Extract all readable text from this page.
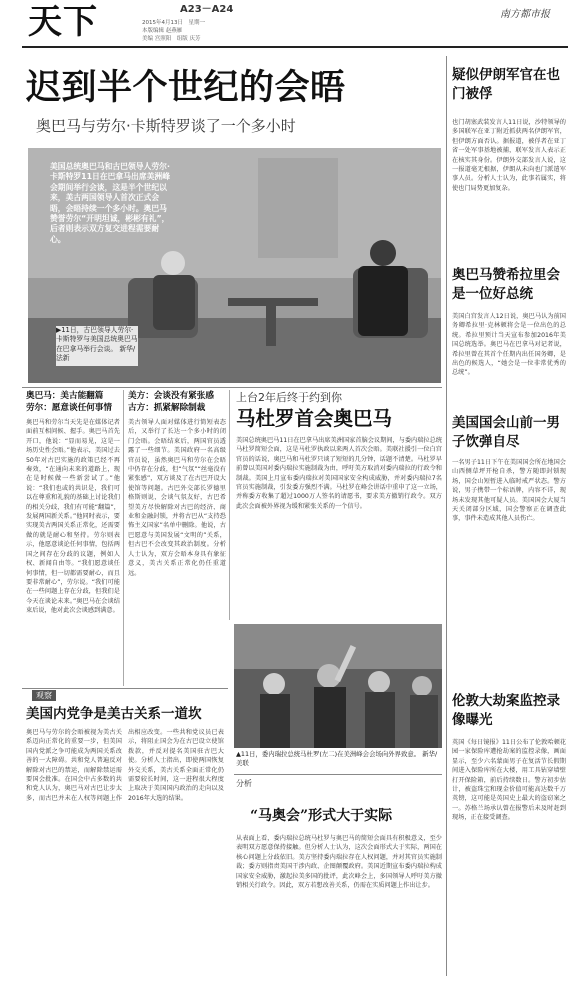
天下	A23－A24
2015年4月13日　星期一
本版编辑 赵燕雁
美编 宫照阳　组版 庆芳
南方都市报
迟到半个世纪的会晤
奥巴马与劳尔·卡斯特罗谈了一个多小时
美国总统奥巴马和古巴领导人劳尔·卡斯特罗11日在巴拿马出席美洲峰会期间举行会谈，这是半个世纪以来，美古两国领导人首次正式会晤，会晤持续一个多小时。奥巴马赞誉劳尔“开明坦诚，彬彬有礼”，后者则表示双方复交进程需要耐心。
▶11日，古巴领导人劳尔·卡斯特罗与美国总统奥巴马在巴拿马举行会谈。 新华/法新
疑似伊朗军官在也门被俘
也门胡塞武装发言人11日说，沙特领导的多国联军在亚丁附近抓获两名伊朗军官，但伊朗方面否认。据报道，被俘者在亚丁省一处军事基地被捕，联军发言人表示正在核实其身份。伊朗外交部发言人说，这一报道毫无根据，伊朗从未向也门派遣军事人员。分析人士认为，此事若属实，将使也门局势更加复杂。
奥巴马赞希拉里会是一位好总统
美国白宫发言人12日说，奥巴马认为前国务卿希拉里·克林顿将会是一位出色的总统。希拉里预计当天宣布参加2016年美国总统选举。奥巴马在巴拿马对记者说，希拉里曾在其首个任期内出任国务卿，是出色的候选人，“她会是一位非常优秀的总统”。
美国国会山前一男子饮弹自尽
一名男子11日下午在美国国会所在地国会山西侧草坪开枪自杀，警方随即封锁现场，国会山短暂进入临时戒严状态。警方说，男子携带一个标语牌，内容不详，现场未发现其他可疑人员。美国国会大厦当天关闭部分区域，国会警察正在调查此事，事件未造成其他人员伤亡。
伦敦大劫案监控录像曝光
英国《每日镜报》11日公布了伦敦哈顿花园一家保险库遭抢劫案的监控录像，画面显示，至少六名蒙面男子在复活节长假期间进入保险库所在大楼，用工具钻穿墙壁打开保险箱，前后持续数日。警方初步估计，被盗珠宝和现金价值可能高达数千万英镑，这可能是英国史上最大的盗窃案之一。苏格兰场承认曾在报警后未及时赶到现场，正在接受调查。
奥巴马：美古能翻篇
劳尔：愿意谈任何事情
奥巴马和劳尔当天先是在媒体记者面前互相问候、握手。奥巴马首先开口，他说：“显而易见，这是一场历史性会晤。”他表示，美国过去50年对古巴实施的政策已经不再奏效，“在通向未来的道路上，现在是时候做一些新尝试了。”他说：“我们也或的共识是，我们可以在尊重和礼貌的基础上讨论我们的相关分歧，我们有可能“翻篇”，发展两国新关系。”他同时表示，要实现美古两国关系正常化，还需要做的就是耐心和坚持。劳尔则表示，他愿意谈论任何事情，包括两国之间存在分歧的议题，例如人权、新闻自由等。“我们愿意谈任何事情，但一切都需要耐心，而且要非常耐心”，劳尔说。“我们可能在一些问题上存在分歧，但我们是今天在谈论未来。”奥巴马在会谈结束后说，他对此次会谈感到满意。
美方：会谈没有紧张感
古方：抓紧解除制裁
美古领导人面对媒体进行简短表态后，又举行了长达一个多小时的闭门会晤。会晤结束后，两国官员透露了一些细节。美国政府一名高级官员说，虽然奥巴马和劳尔在会晤中仍存在分歧，但“气氛”“丝毫没有紧张感”，双方谈及了在古巴开设大使馆等问题。古巴外交部长罗德里格斯则说，会谈气氛友好，古巴希望美方尽快解除对古巴的经济、商业和金融封锁，并将古巴从“支持恐怖主义国家”名单中删除。他说，古巴愿意与美国发展“文明的”关系，但古巴不会改变其政治制度。分析人士认为，双方会晤本身具有象征意义，美古关系正常化仍任重道远。
上台2年后终于约到你
马杜罗首会奥巴马
美国总统奥巴马11日在巴拿马出席美洲国家首脑会议期间，与委内瑞拉总统马杜罗简短会面，这是马杜罗执政以来两人首次会晤。美联社援引一位白宫官员的话说，奥巴马和马杜罗只谈了短短的几分钟，话题不清楚。马杜罗早前曾以美国对委内瑞拉实施制裁为由，呼吁美方取消对委内瑞拉的行政令和制裁。美国上月宣布委内瑞拉对美国国家安全构成威胁，并对委内瑞拉7名官员实施制裁，引发委方强烈不满。马杜罗在峰会讲话中重申了这一立场，并称委方收集了超过1000万人签名的请愿书，要求美方撤销行政令。双方此次会面被外界视为缓和紧张关系的一个信号。
▲11日，委内瑞拉总统马杜罗(左二)在美洲峰会会场向外界致意。 新华/美联
观察
美国内党争是美古关系一道坎
奥巴马与劳尔的会晤被视为美古关系迈向正常化的重要一步，但美国国内党派之争可能成为两国关系改善的一大障碍。共和党人普遍反对解除对古巴的禁运，而解除禁运需要国会批准。在国会中占多数的共和党人认为，奥巴马对古巴让步太多，而古巴并未在人权等问题上作出相应改变。一些共和党议员已表示，将阻止国会为在古巴设立使馆拨款，并反对提名美国驻古巴大使。分析人士指出，即使两国恢复外交关系，美古关系全面正常化仍需要较长时间，这一进程很大程度上取决于美国国内政治的走向以及2016年大选的结果。
分析
“马奥会”形式大于实际
从表面上看，委内瑞拉总统马杜罗与奥巴马的简短会面具有积极意义，至少表明双方愿意保持接触。但分析人士认为，这次会面形式大于实际，两国在核心问题上分歧依旧。美方坚持委内瑞拉存在人权问题，并对其官员实施制裁；委方则指责美国干涉内政、企图颠覆政府。美国近期宣布委内瑞拉构成国家安全威胁，激起拉美多国的批评，此次峰会上，多国领导人呼吁美方撤销相关行政令。因此，双方若想改善关系，仍需在实质问题上作出让步。
